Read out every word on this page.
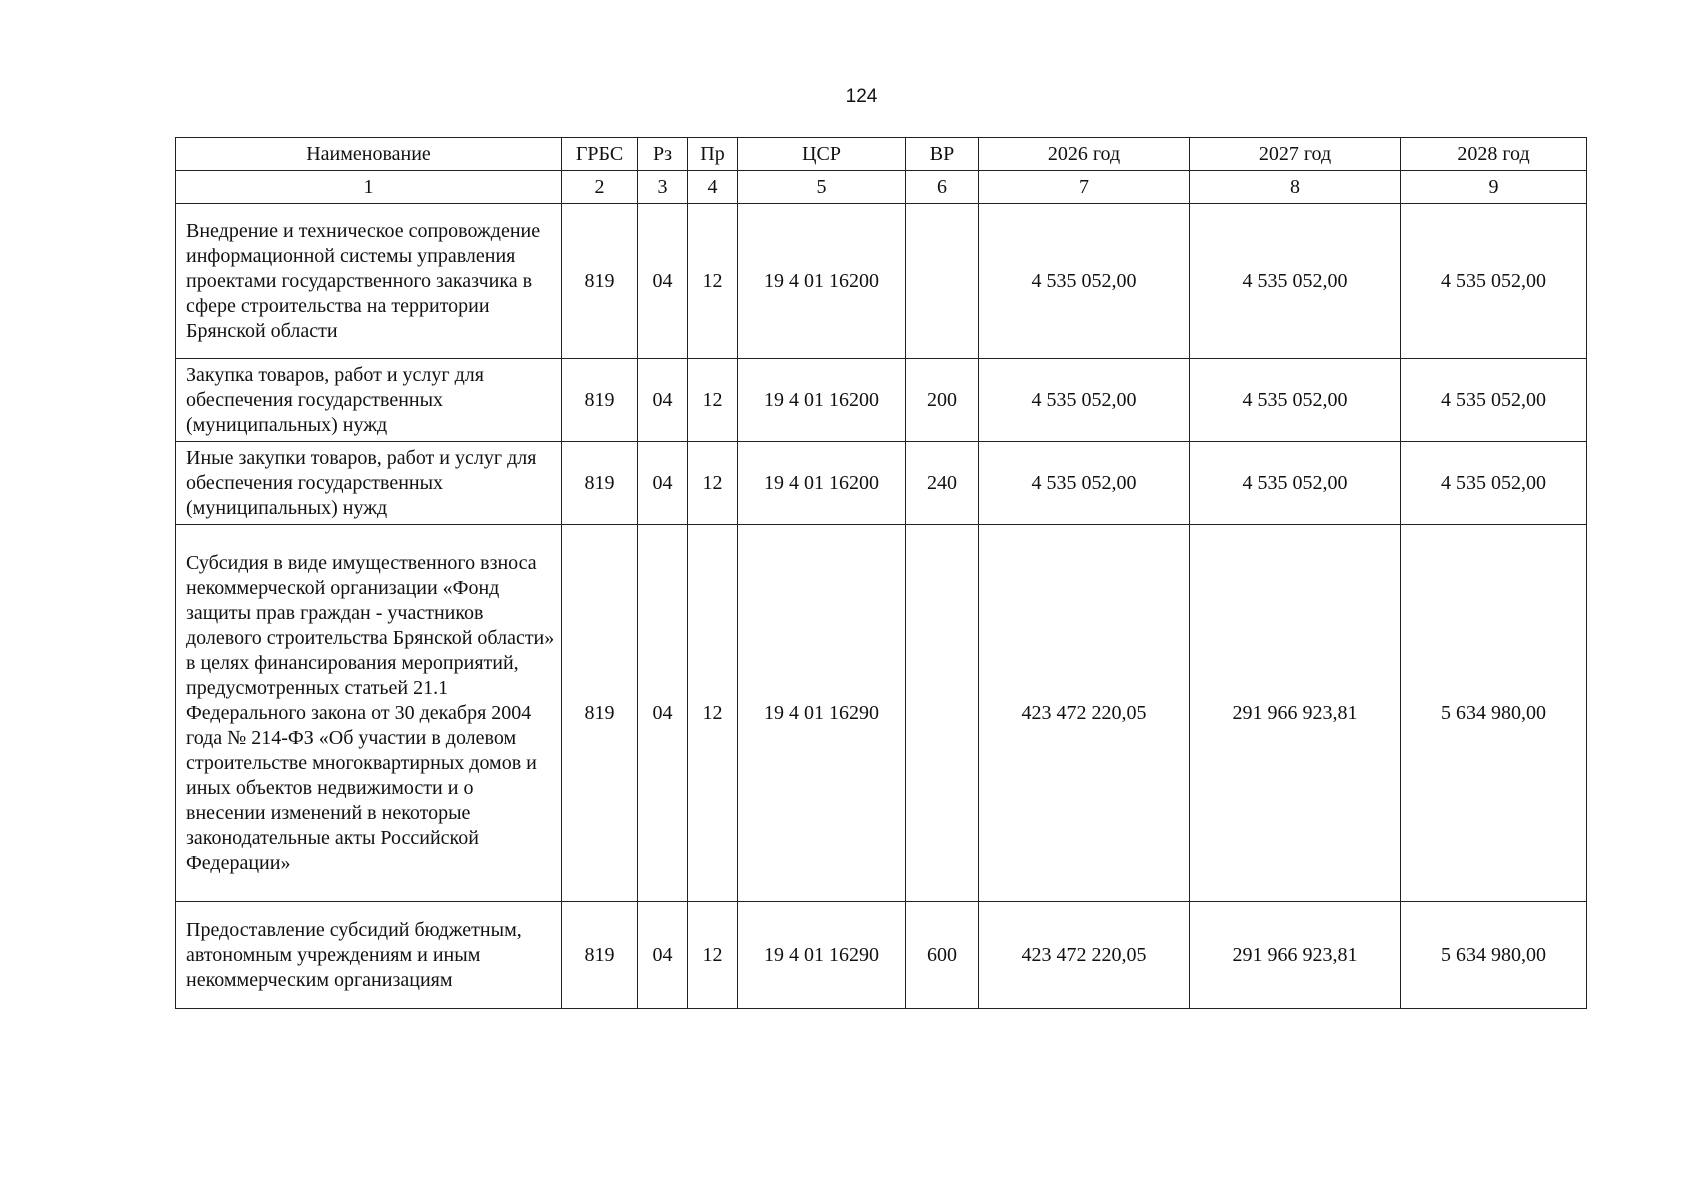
124
Наименование	ГРБС	Рз	Пр	ЦСР	ВР	2026 год	2027 год	2028 год
1	2	3	4	5	6	7	8	9
Внедрение и техническое сопровождение информационной системы управления проектами государственного заказчика в сфере строительства на территории Брянской области	819	04	12	19 4 01 16200		4 535 052,00	4 535 052,00	4 535 052,00
Закупка товаров, работ и услуг для обеспечения государственных (муниципальных) нужд	819	04	12	19 4 01 16200	200	4 535 052,00	4 535 052,00	4 535 052,00
Иные закупки товаров, работ и услуг для обеспечения государственных (муниципальных) нужд	819	04	12	19 4 01 16200	240	4 535 052,00	4 535 052,00	4 535 052,00
Субсидия в виде имущественного взноса некоммерческой организации «Фонд защиты прав граждан - участников долевого строительства Брянской области» в целях финансирования мероприятий, предусмотренных статьей 21.1 Федерального закона от 30 декабря 2004 года № 214-ФЗ «Об участии в долевом строительстве многоквартирных домов и иных объектов недвижимости и о внесении изменений в некоторые законодательные акты Российской Федерации»	819	04	12	19 4 01 16290		423 472 220,05	291 966 923,81	5 634 980,00
Предоставление субсидий бюджетным, автономным учреждениям и иным некоммерческим организациям	819	04	12	19 4 01 16290	600	423 472 220,05	291 966 923,81	5 634 980,00
